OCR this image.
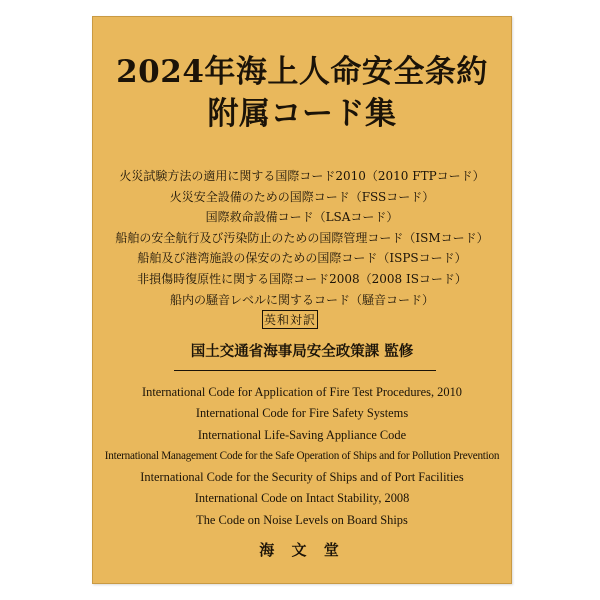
2024年海上人命安全条約
附属コード集
火災試験方法の適用に関する国際コード2010（2010 FTPコード）
火災安全設備のための国際コード（FSSコード）
国際救命設備コード（LSAコード）
船舶の安全航行及び汚染防止のための国際管理コード（ISMコード）
船舶及び港湾施設の保安のための国際コード（ISPSコード）
非損傷時復原性に関する国際コード2008（2008 ISコード）
船内の騒音レベルに関するコード（騒音コード）
英和対訳
国土交通省海事局安全政策課 監修
International Code for Application of Fire Test Procedures, 2010
International Code for Fire Safety Systems
International Life-Saving Appliance Code
International Management Code for the Safe Operation of Ships and for Pollution Prevention
International Code for the Security of Ships and of Port Facilities
International Code on Intact Stability, 2008
The Code on Noise Levels on Board Ships
海 文 堂
